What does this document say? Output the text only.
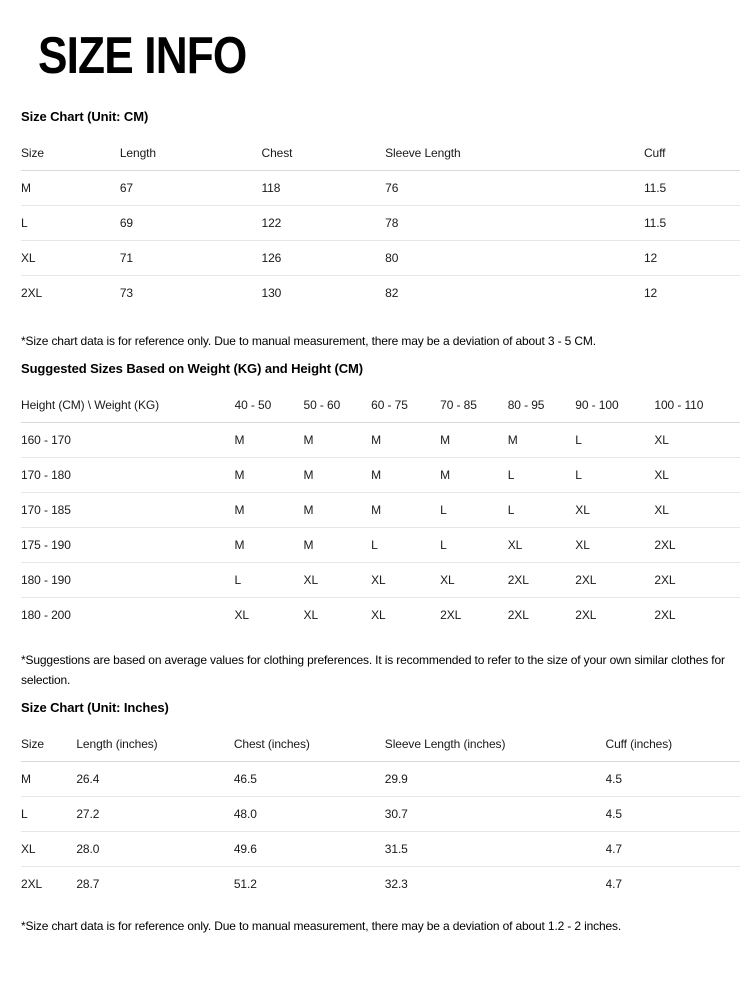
SIZE INFO
Size Chart (Unit: CM)
Size	Length	Chest	Sleeve Length	Cuff
M	67	118	76	11.5
L	69	122	78	11.5
XL	71	126	80	12
2XL	73	130	82	12

*Size chart data is for reference only. Due to manual measurement, there may be a deviation of about 3 - 5 CM.

Suggested Sizes Based on Weight (KG) and Height (CM)
Height (CM) \ Weight (KG)	40 - 50	50 - 60	60 - 75	70 - 85	80 - 95	90 - 100	100 - 110
160 - 170	M	M	M	M	M	L	XL
170 - 180	M	M	M	M	L	L	XL
170 - 185	M	M	M	L	L	XL	XL
175 - 190	M	M	L	L	XL	XL	2XL
180 - 190	L	XL	XL	XL	2XL	2XL	2XL
180 - 200	XL	XL	XL	2XL	2XL	2XL	2XL

*Suggestions are based on average values for clothing preferences. It is recommended to refer to the size of your own similar clothes for selection.

Size Chart (Unit: Inches)
Size	Length (inches)	Chest (inches)	Sleeve Length (inches)	Cuff (inches)
M	26.4	46.5	29.9	4.5
L	27.2	48.0	30.7	4.5
XL	28.0	49.6	31.5	4.7
2XL	28.7	51.2	32.3	4.7

*Size chart data is for reference only. Due to manual measurement, there may be a deviation of about 1.2 - 2 inches.
